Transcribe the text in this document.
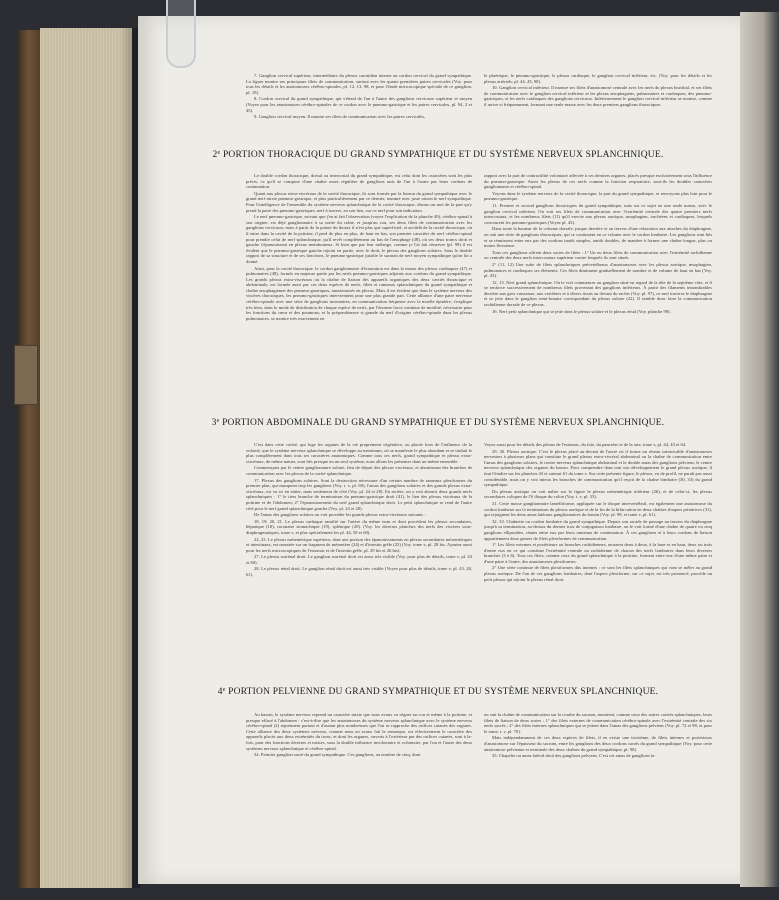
7. Ganglion cervical supérieur, intermédiaire du plexus carotidien interne au cordon cervical du grand sympathique. La figure montre ses principaux filets de communication, surtout avec les quatre premières paires cervicales (Voy. pour tous les détails et les anastomoses cérébro-spinales, pl. 12, 13, 98, et pour l'étude microscopique spéciale de ce ganglion, pl. 19).

8. Cordon cervical du grand sympathique, qui s'étend de l'un à l'autre des ganglions cervicaux supérieur et moyen (Voyez pour les anastomoses cérébro-spinales de ce cordon avec le pneumo-gastrique et les paires cervicales, pl. 94, 2 et 45).

9. Ganglion cervical moyen. Il montre ses filets de communication avec les paires cervicales,

le phrénique, le pneumo-gastrique, le plexus cardiaque, le ganglion cervical inférieur, etc. (Voy. pour les détails et les plexus artériels, pl. 44, 43, 98).

10. Ganglion cervical inférieur. Il montre ses filets d'anastomose centrale avec les nerfs du plexus brachial, et ses filets de communication avec le ganglion cervical inférieur et les plexus œsophagiens, pulmonaires et cardiaques; des pneumo-gastriques, et les nerfs cardiaques des ganglions cervicaux. Inférieurement le ganglion cervical inférieur se montre, comme il arrive si fréquemment, formant une seule masse avec les deux premiers ganglions thoraciques.

2e PORTION THORACIQUE DU GRAND SYMPATHIQUE ET DU SYSTÈME NERVEUX SPLANCHNIQUE.

Le double cordon thoracique, dorsal ou intercostal du grand sympathique, est celui dont les caractères sont les plus précis, ce qu'il se compose d'une chaîne assez régulière de ganglions unis de l'un à l'autre par leurs cordons de continuation.

Quant aux plexus extra-viscéraux de la cavité thoracique, ils sont formés par la liaison du grand sympathique avec le grand nerf mixte pneumo-gastrique, et plus particulièrement par ce dernier, nommé avec juste raison le nerf sympathique. Pour l'intelligence de l'ensemble du système nerveux splanchnique de la cavité thoracique, disons un mot de la part qu'y prend la paire des pneumo-gastriques, nerf à travers, en son lieu, sur ce nerf pour son indication.

Le nerf pneumo-gastrique, suivant que j'en ai fait l'observation (voyez l'explication de la planche 40), cérébro-spinal à son origine, est déjà ganglionnaire à sa sortie du crâne, et jusqu'au cou, ses deux filets de communication avec les ganglions cervicaux; mais à partir de la pointe du thorax il n'est plus que superficiel, et au-delà de la cavité thoracique, où il entre dans la cavité de la poitrine, il perd de plus en plus, de haut en bas, son premier caractère de nerf cérébro-spinal pour prendre celui de nerf splanchnique, qu'il revêt complètement au bas de l'œsophage (48), où ses deux troncs droit et gauche s'épanouissent en plexus membraneux. Si bien que par leur mélange, comme je l'ai fait observer (pl. 99) il est évident que le pneumo-gastrique gauche rejoint en partie, avec le droit, le plexus des ganglions solaires. Sous le double rapport de sa structure et de ses fonctions, le pneumo-gastrique justifie le surnom de nerf moyen sympathique qu'on lui a donné.

Ainsi, pour la cavité thoracique, le cordon ganglionnaire d'écoutation est dans la masse des plexus cardiaques (47) et pulmonaires (48), formés en majeure partie par les nerfs pneumo-gastriques adjoints aux cordons du grand sympathique. Les grands plexus extra-viscéraux ou la chaîne de liaison des appareils organiques des deux cavités thoracique et abdominale, est formée aussi par ces deux espèces de nerfs, filets et rameaux splanchniques du grand sympathique et chaîne œsophagienne des pneumo-gastriques, anastomosés en plexus. Mais il est évident que dans le système nerveux des viscères thoraciques, les pneumo-gastriques interviennent pour une plus grande part. Cette alliance d'une paire nerveuse cérébro-spinale avec une série de ganglions inventaires, en communication fréquente avec la moelle épinière, s'explique très bien, dans le mode de distribution de chaque espèce de nerfs, par l'énorme force continue de motilité, nécessaire pour les fonctions du cœur et des poumons; et la prépondérance si grande du nerf d'origine cérébro-spinale dans les plexus pulmonaires, se montre très exactement en

rapport avec la part de contractilité volontaire affectée à ces derniers organes, placés presque exclusivement sous l'influence du pneumo-gastrique. Aussi les plexus de ces nerfs comme la fonction respiratoire, sont-ils les doubles caractères ganglionnaire et cérébro-spinal.

Voyons dans le système nerveux de la cavité thoracique, la part du grand sympathique, et renvoyons plus loin pour le pneumo-gastrique.

11. Premier et second ganglions thoraciques du grand sympathique, unis sur ce sujet en une seule masse, avec le ganglion cervical inférieur. On voit ses filets de communication avec l'extrémité centrale des quatre premiers nerfs intercostaux, et les nombreux filets (11) qu'il envoie aux plexus aortique, œsophagien, trachéens et cardiaques, lesquels concourent les pneumo-gastriques (Voyez pl. 43).

Dans toute la hauteur de la colonne dorsale, jusque derrière et au travers d'une relaxation aux attaches du diaphragme, on suit une série de ganglions thoraciques, qui se continuent en ce volume avec le cordon lombaire. Les ganglions sont liés et se réunissent entre eux par des cordons tantôt simples, tantôt doubles, de manière à former une chaîne longue, plus ou moins flexueuse.

Tous ces ganglions offrent deux sortes de filets : 1° Un ou deux filets de communication avec l'extrémité rachidienne ou centrale des deux nerfs intercostaux supérieur contre lesquels ils sont situés.

2° (11, 12) Une suite de filets splanchniques prévertébraux d'anastomoses avec les plexus aortique, œsophagien, pulmonaires et cardiaques ses éléments. Ces filets diminuent graduellement de nombre et de volume de haut en bas (Voy. pl. 43).

12, 13. Nerf grand splanchnique. On le voit commencer au ganglion situé en regard de la tête de la septième côte, et il se renforce successivement de nombreux filets provenant des ganglions inférieurs. À partir des filaments innombrables derrière aux gros vaisseaux, aux vertèbres et à divers tissus au devant du rachis (Voy. pl. 97), ce nerf traverse le diaphragme et se jette dans le ganglion semi-lunaire correspondant du plexus solaire (22). Il semble donc faire la communication rachidienne dorsale de ce plexus.

16. Nerf petit splanchnique qui se jette dans le plexus solaire et le plexus rénal (Voy. planche 98).

3e PORTION ABDOMINALE DU GRAND SYMPATHIQUE ET DU SYSTÈME NERVEUX SPLANCHNIQUE.

C'est dans cette cavité, qui loge les organes de la vie proprement végétative, ou placée hors de l'influence de la volonté, que le système nerveux splanchnique se développe au maximum, où se manifeste le plus abondant et se traduit le plus complètement dans tous ses caractères anatomiques. Comme tous ces nerfs, grand sympathique et plexus extra-viscéraux, de même nature, sont liés presque en un seul système, nous allons les présenter dans un même ensemble.

Commençons par le centre ganglionnaire solaire, lieu de départ des plexus viscéraux, et aboutissant des branches de communication avec les plexus de la cavité splanchnique.

17. Plexus des ganglions solaires. Sont la destruction nécessaire d'un certain nombre de rameaux plexiformes du premier plan, qui masquent trop les ganglions (Voy. t. v, pl. 69), l'amas des ganglions solaires et des grands plexus extra-viscéraux, est vu ici en entier, mais seulement de côté (Voy. pl. 24 et 28). En arrière, on y voit aboutir deux grands nerfs splanchniques : 1° le tiers branche de terminaison du pneumo-gastrique droit (41), le lien des plexus viscéraux de la poitrine et de l'abdomen; 2° l'épanouissement du nerf grand splanchnique droit. Le petit splanchnique se rend de l'autre côté pour le nerf grand splanchnique gauche (Voy. pl. 24 et 28).

De l'amas des ganglions solaires on voit procéder les grands plexus extra-viscéraux suivants :

18, 19, 20, 21. Le plexus cœliaque ramifié sur l'artère du même nom et dont procèdent les plexus secondaires, hépatique (18), coronaire stomachique (19), splénique (20). (Voy. les diverses planches des nerfs des viscères sous-diaphragmatiques, tome v, et plus spécialement les pl. 44, 58 et 60).

22, 23. Le plexus mésentérique supérieur, dont une portion des épanouissements en plexus secondaires mésentériques et intestinaux, est montrée sur un fragment de mésentère (24) et d'intestin grêle (25) (Voy. tome v, pl. 28 bis. Ajoutez aussi pour les nerfs microscopiques de l'estomac et de l'intestin grêle, pl. 29 bis et 26 bis).

27. Le plexus surrénal droit. Le ganglion surrénal droit est aussi très visible (Voy. pour plus de détails, tome v, pl. 43 et 60).

28. Le plexus rénal droit. Le ganglion rénal droit est aussi très visible (Voyez pour plus de détails, tome v, pl. 43, 28, 61).

Voyez aussi pour les détails des plexus de l'estomac, du foie, du pancréas et de la rate, tome v, pl. 44, 43 et 64.

29, 30. Plexus aortique. C'est le plexus placé au-devant de l'aorte où il forme un réseau inextricable d'anastomoses nerveuses à plusieurs plans qui constitue le grand plexus extra-viscéral abdominal ou la chaîne de communication entre l'amas des ganglions solaires, le centre nerveux splanchnique abdominal et le double amas des ganglions pelviens, le centre nerveux splanchnique des organes du bassin. Pour comprendre dans tout son développement le grand plexus aortique, il faut l'étudier sur les planches 43 et surtout 61 du tome v. Sur cette présente figure, le plexus, vu de profil, ne paraît pas aussi considérable, mais on y voit mieux les branches de communication qu'il reçoit de la chaîne lombaire (30, 33) du grand sympathique.

Du plexus aortique on voit naître sur la figure le plexus mésentérique inférieur (26), et de celui-ci, les plexus secondaires coliques de l'S iliaque du colon (Voy. t. v, pl. 33).

31. Cette masse ganglionnaire lamelliforme, appliquée sur le disque intervertébral, est également une anastomose du cordon lombaire sur la terminaison du plexus aortique et de la fin de la bifurcation en deux chaînes iliaques primitives (31), qui rejoignent les deux amas latéraux ganglionnaires du bassin (Voy. pl. 98, et tome v, pl. 61).

32, 33. Chaînette ou cordon lombaire du grand sympathique. Depuis son arcade de passage au travers du diaphragme jusqu'à sa terminaison, au-dessus du dernier trou de conjugaison lombaire, on le voit formé d'une chaîne de quatre ou cinq ganglions ellipsoïdes, réunis entre eux par leurs rameaux de continuation. À ces ganglions et à leurs cordons de liaison appartiennent deux genres de filets plexiformes de communication.

1° Les filets externes et postérieurs ou branches rachidiennes, unissent deux à deux, à la base et en haut, deux ou trois d'entre eux en ce qui constitue l'extrémité centrale ou rachidienne de chacun des nerfs lombaires dans leurs diverses branches (3 à 6). Tous ces filets, comme ceux du grand splanchnique à la poitrine, forment entre eux d'une même paire et d'une paire à l'autre, des anastomoses plexiformes.

2° Une série continue de filets plexiformes dits internes : ce sont les filets splanchniques qui vont se mêler au grand plexus aortique. De l'un de ces ganglions lombaires, dont l'aspect plexiforme, sur ce sujet, est très prononcé, procède un petit plexus qui rejoint le plexus rénal droit.

4e PORTION PELVIENNE DU GRAND SYMPATHIQUE ET DU SYSTÈME NERVEUX SPLANCHNIQUE.

Au bassin, le système nerveux reprend un caractère mixte que nous avons vu régner au cou et même à la poitrine, et presque effacé à l'abdomen : c'est-à-dire que les anastomoses du système nerveux splanchnique avec le système nerveux cérébro-spinal (2) reprennent partout et d'autant plus nombreuses que l'on se rapproche des orifices cutanés des organes. Cette alliance des deux systèmes nerveux, comme nous en avons fait la remarque, est effectivement le caractère des appareils placés aux deux extrémités du tronc, et dont les organes, ouverts à l'extérieur par des orifices cutanés, sont à la-fois, pour des fonctions diverses et mixtes, sous la double influence involontaire et volontaire, par l'un et l'autre des deux systèmes nerveux splanchnique et cérébro-spinal.

34. Premier ganglion sacré du grand sympathique. Ces ganglions, au nombre de cinq, dont

on suit la chaîne de communication sur la courbe du sacrum, montrent, comme ceux des autres cavités splanchniques, leurs filets de liaison de deux sortes : 1° des filets externes de communication cérébro-spinale avec l'extrémité centrale des six nerfs sacrés ; 2° des filets internes splanchniques qui se jettent dans l'amas des ganglions pelviens (Voy. pl. 72 et 98, et pour le tome, t. v, pl. 70).

Mais indépendamment de ces deux espèces de filets, il en existe une troisième, de filets internes et postérieurs d'anastomose sur l'épaisseur du sacrum, entre les ganglions des deux cordons sacrés du grand sympathique (Voy. pour cette anastomose pelvienne et terminale des deux chaînes du grand sympathique, pl. 98).

35. Chapelet ou amas latéral droit des ganglions pelviens. C'est cet amas de ganglions la-
